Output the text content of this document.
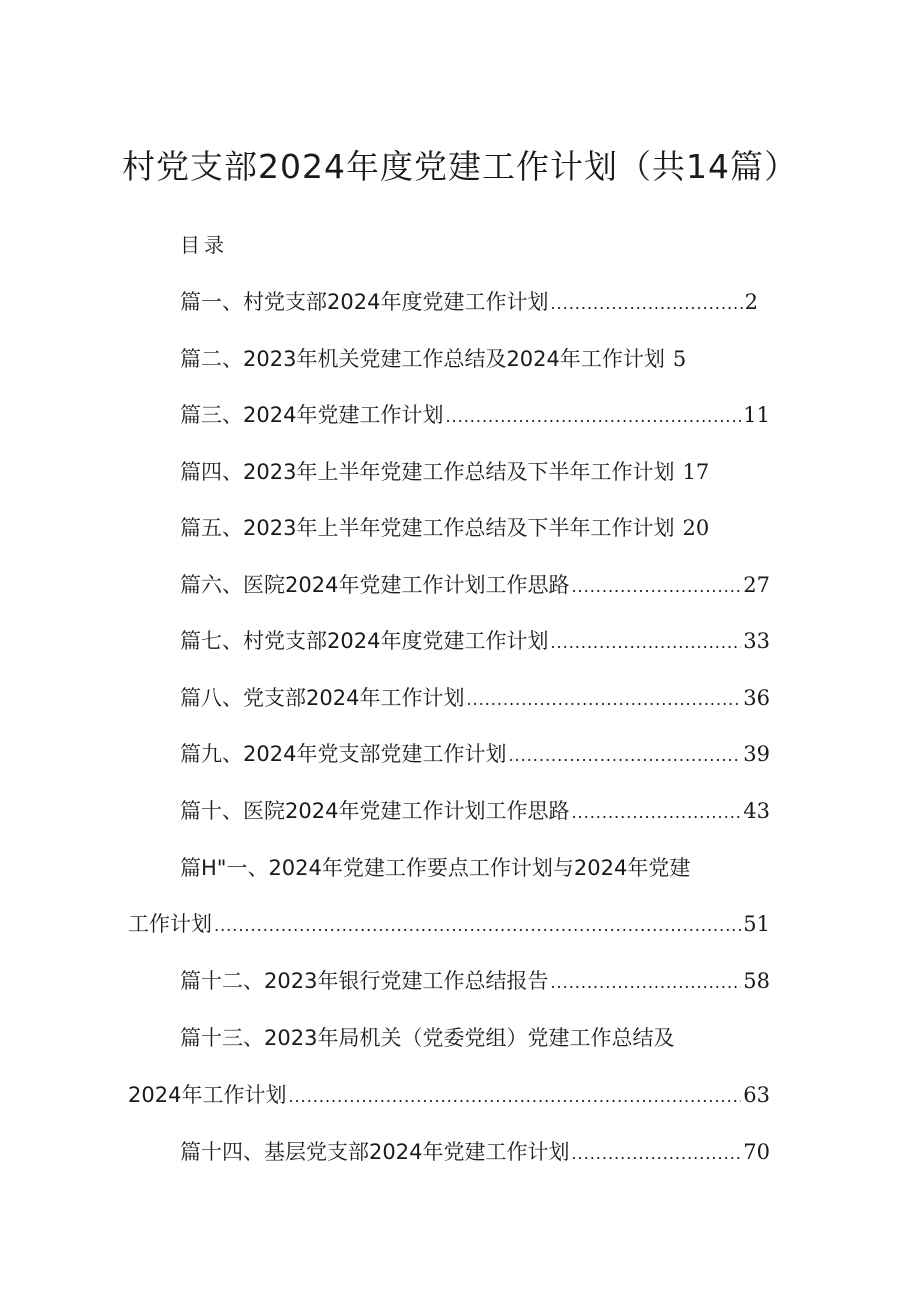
村党支部2024年度党建工作计划（共14篇）
目录
篇一、村党支部2024年度党建工作计划 .....	2
篇二、2023年机关党建工作总结及2024年工作计划 5
篇三、2024年党建工作计划 .....	11
篇四、2023年上半年党建工作总结及下半年工作计划 17
篇五、2023年上半年党建工作总结及下半年工作计划 20
篇六、医院2024年党建工作计划工作思路 .....	27
篇七、村党支部2024年度党建工作计划 .....	33
篇八、党支部2024年工作计划 .....	36
篇九、2024年党支部党建工作计划 .....	39
篇十、医院2024年党建工作计划工作思路 .....	43
篇H"一、2024年党建工作要点工作计划与2024年党建
工作计划 .....	51
篇十二、2023年银行党建工作总结报告 .....	58
篇十三、2023年局机关（党委党组）党建工作总结及
2024年工作计划 .....	63
篇十四、基层党支部2024年党建工作计划 .....	70
